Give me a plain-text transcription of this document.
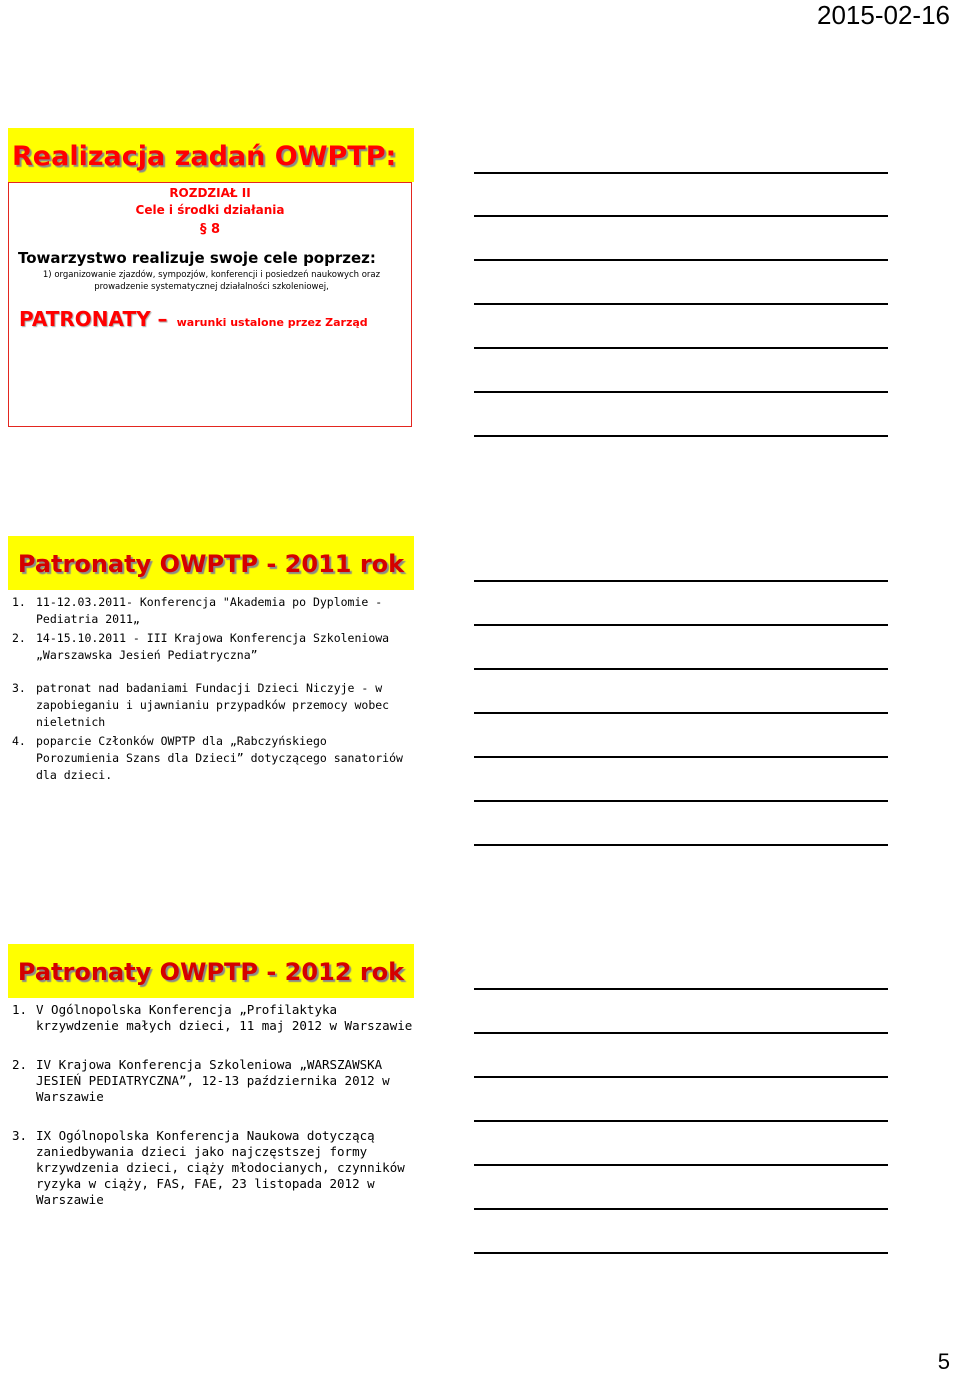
2015-02-16
Realizacja zadań OWPTP:
ROZDZIAŁ II
Cele i środki działania
§ 8
Towarzystwo realizuje swoje cele poprzez:
1) organizowanie zjazdów, sympozjów, konferencji i posiedzeń naukowych oraz
prowadzenie systematycznej działalności szkoleniowej,
PATRONATY – warunki ustalone przez Zarząd
Patronaty OWPTP - 2011 rok
1. 11-12.03.2011- Konferencja "Akademia po Dyplomie - Pediatria 2011„
2. 14-15.10.2011 - III Krajowa Konferencja Szkoleniowa „Warszawska Jesień Pediatryczna”
3. patronat nad badaniami Fundacji Dzieci Niczyje - w zapobieganiu i ujawnianiu przypadków przemocy wobec nieletnich
4. poparcie Członków OWPTP dla „Rabczyńskiego Porozumienia Szans dla Dzieci” dotyczącego sanatoriów dla dzieci.
Patronaty OWPTP - 2012 rok
1. V Ogólnopolska Konferencja „Profilaktyka krzywdzenie małych dzieci, 11 maj 2012 w Warszawie
2. IV Krajowa Konferencja Szkoleniowa „WARSZAWSKA JESIEŃ PEDIATRYCZNA”, 12-13 października 2012 w Warszawie
3. IX Ogólnopolska Konferencja Naukowa dotyczącą zaniedbywania dzieci jako najczęstszej formy krzywdzenia dzieci, ciąży młodocianych, czynników ryzyka w ciąży, FAS, FAE, 23 listopada 2012 w Warszawie
5
